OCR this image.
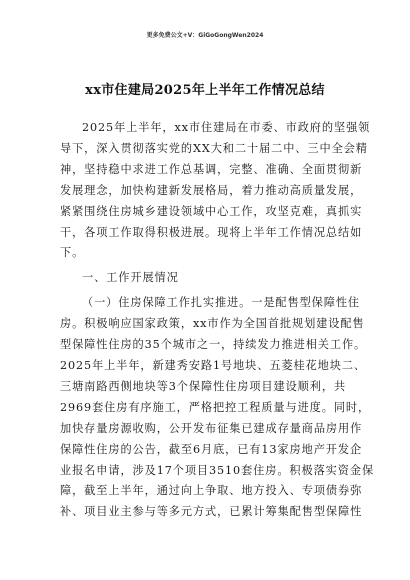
更多免费公文+V：GiGoGongWen2024
xx市住建局2025年上半年工作情况总结
2025年上半年，xx市住建局在市委、市政府的坚强领
导下，深入贯彻落实党的XX大和二十届二中、三中全会精
神，坚持稳中求进工作总基调，完整、准确、全面贯彻新
发展理念，加快构建新发展格局，着力推动高质量发展，
紧紧围绕住房城乡建设领域中心工作，攻坚克难，真抓实
干，各项工作取得积极进展。现将上半年工作情况总结如
下。
一、工作开展情况
（一）住房保障工作扎实推进。一是配售型保障性住
房。积极响应国家政策，xx市作为全国首批规划建设配售
型保障性住房的35个城市之一，持续发力推进相关工作。
2025年上半年，新建秀安路1号地块、五菱桂花地块二、
三塘南路西侧地块等3个保障性住房项目建设顺利，共
2969套住房有序施工，严格把控工程质量与进度。同时，
加快存量房源收购，公开发布征集已建成存量商品房用作
保障性住房的公告，截至6月底，已有13家房地产开发企
业报名申请，涉及17个项目3510套住房。积极落实资金保
障，截至上半年，通过向上争取、地方投入、专项债券弥
补、项目业主参与等多元方式，已累计筹集配售型保障性
